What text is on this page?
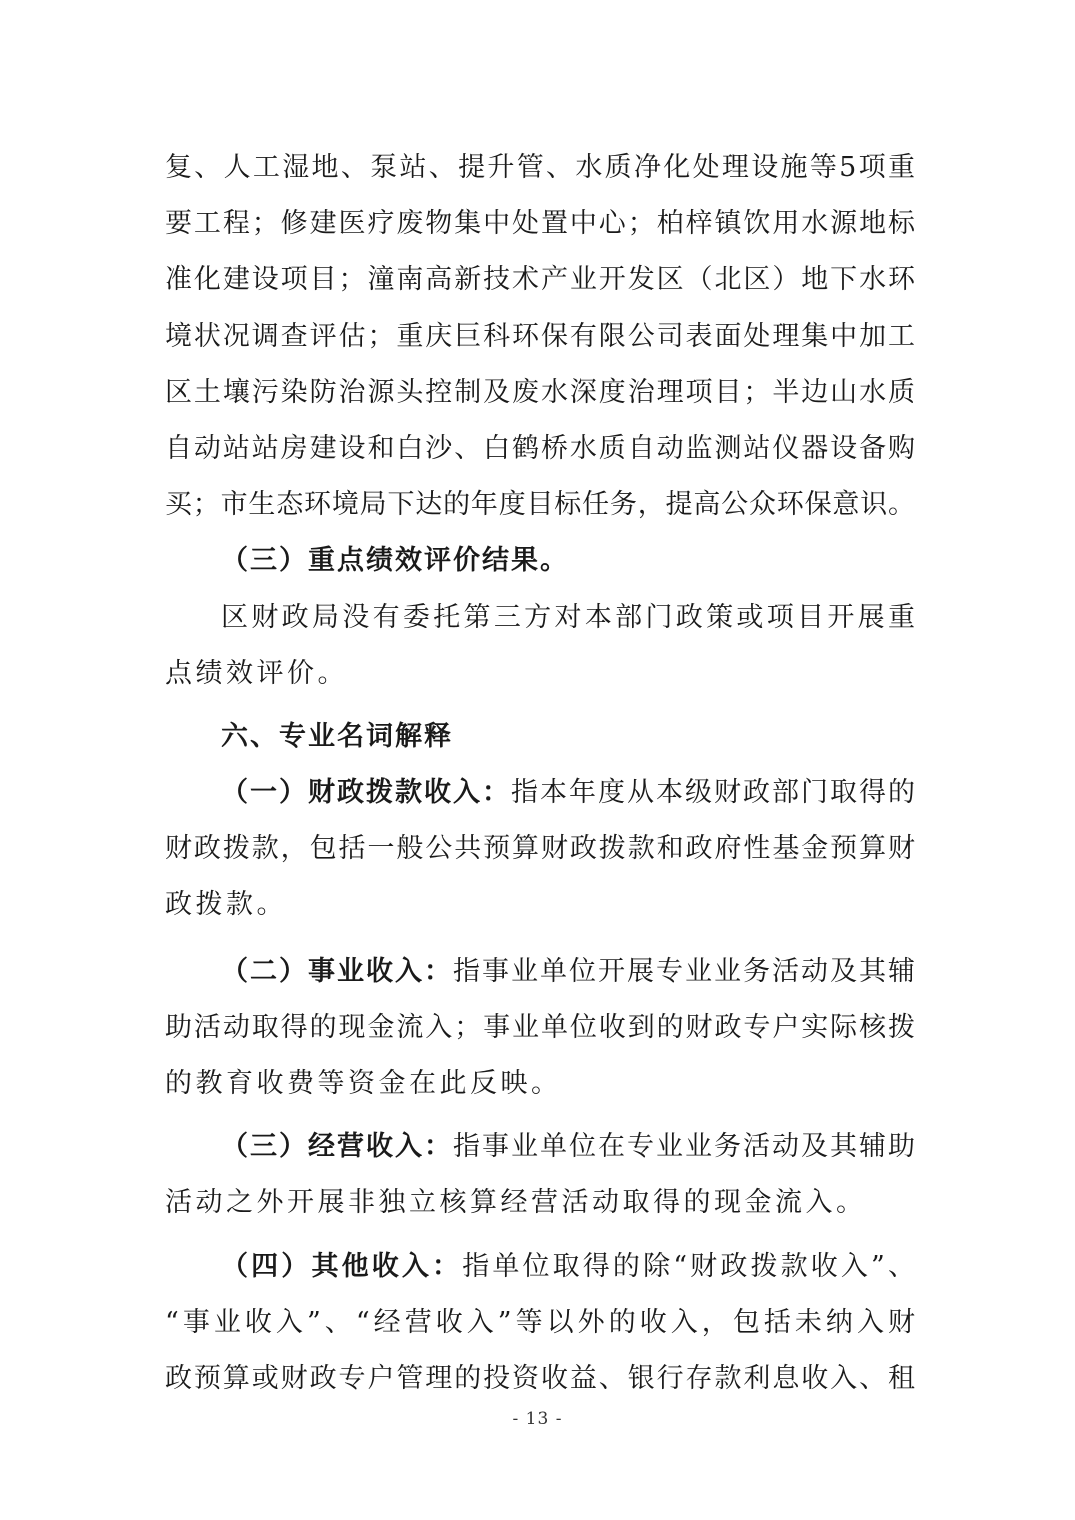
复、人工湿地、泵站、提升管、水质净化处理设施等5项重
要工程；修建医疗废物集中处置中心；柏梓镇饮用水源地标
准化建设项目；潼南高新技术产业开发区（北区）地下水环
境状况调查评估；重庆巨科环保有限公司表面处理集中加工
区土壤污染防治源头控制及废水深度治理项目；半边山水质
自动站站房建设和白沙、白鹤桥水质自动监测站仪器设备购
买；市生态环境局下达的年度目标任务，提高公众环保意识。
（三）重点绩效评价结果。
区财政局没有委托第三方对本部门政策或项目开展重
点绩效评价。
六、专业名词解释
（一）财政拨款收入：指本年度从本级财政部门取得的
财政拨款，包括一般公共预算财政拨款和政府性基金预算财
政拨款。
（二）事业收入：指事业单位开展专业业务活动及其辅
助活动取得的现金流入；事业单位收到的财政专户实际核拨
的教育收费等资金在此反映。
（三）经营收入：指事业单位在专业业务活动及其辅助
活动之外开展非独立核算经营活动取得的现金流入。
（四）其他收入：指单位取得的除“财政拨款收入”、
“事业收入”、“经营收入”等以外的收入，包括未纳入财
政预算或财政专户管理的投资收益、银行存款利息收入、租
- 13 -
